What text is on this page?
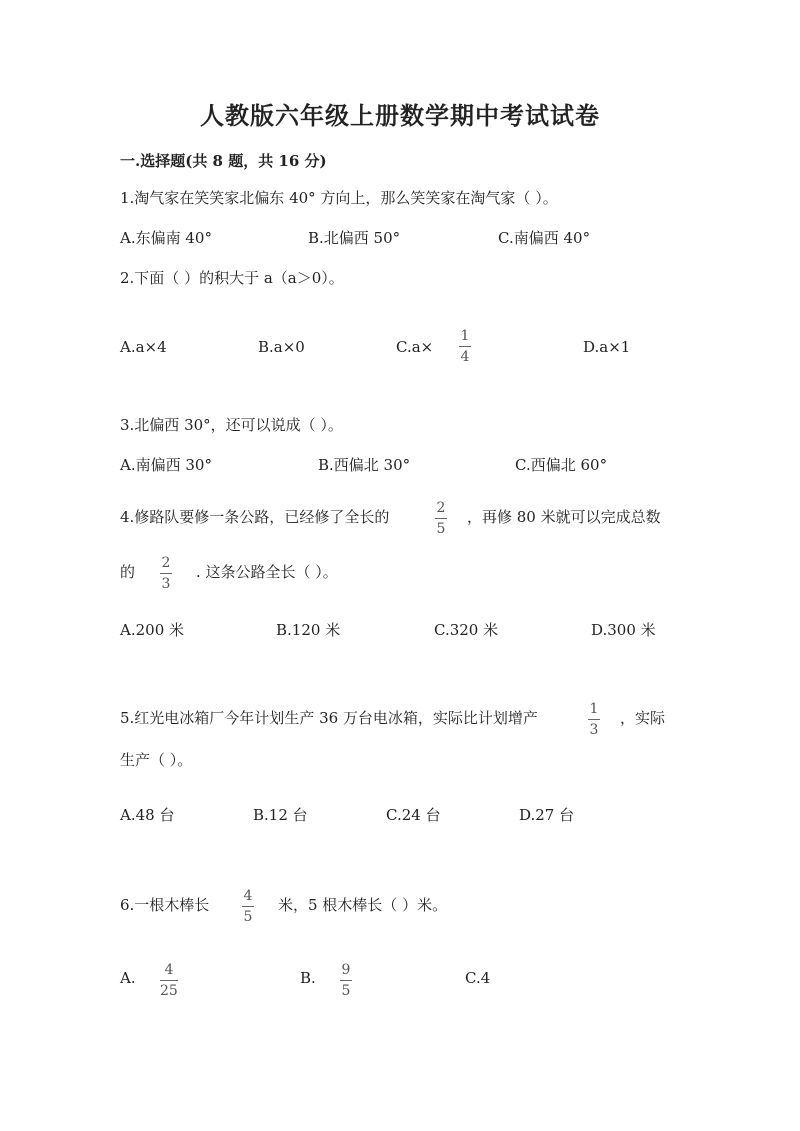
人教版六年级上册数学期中考试试卷
一.选择题(共 8 题，共 16 分)
1.淘气家在笑笑家北偏东 40° 方向上，那么笑笑家在淘气家（ ）。
A.东偏南 40°	B.北偏西 50°	C.南偏西 40°
2.下面（ ）的积大于 a（a＞0）。
A.a×4	B.a×0	C.a×
1
4
D.a×1
3.北偏西 30°，还可以说成（ ）。
A.南偏西 30°	B.西偏北 30°	C.西偏北 60°
4.修路队要修一条公路，已经修了全长的	2
5
，再修 80 米就可以完成总数
的 2
3
. 这条公路全长（ ）。
A.200 米	B.120 米	C.320 米	D.300 米
5.红光电冰箱厂今年计划生产 36 万台电冰箱，实际比计划增产	1
3
，实际
生产（ ）。
A.48 台	B.12 台	C.24 台	D.27 台
6.一根木棒长 4
5
米，5 根木棒长（ ）米。
A. 4
25
B. 9
5
C.4
